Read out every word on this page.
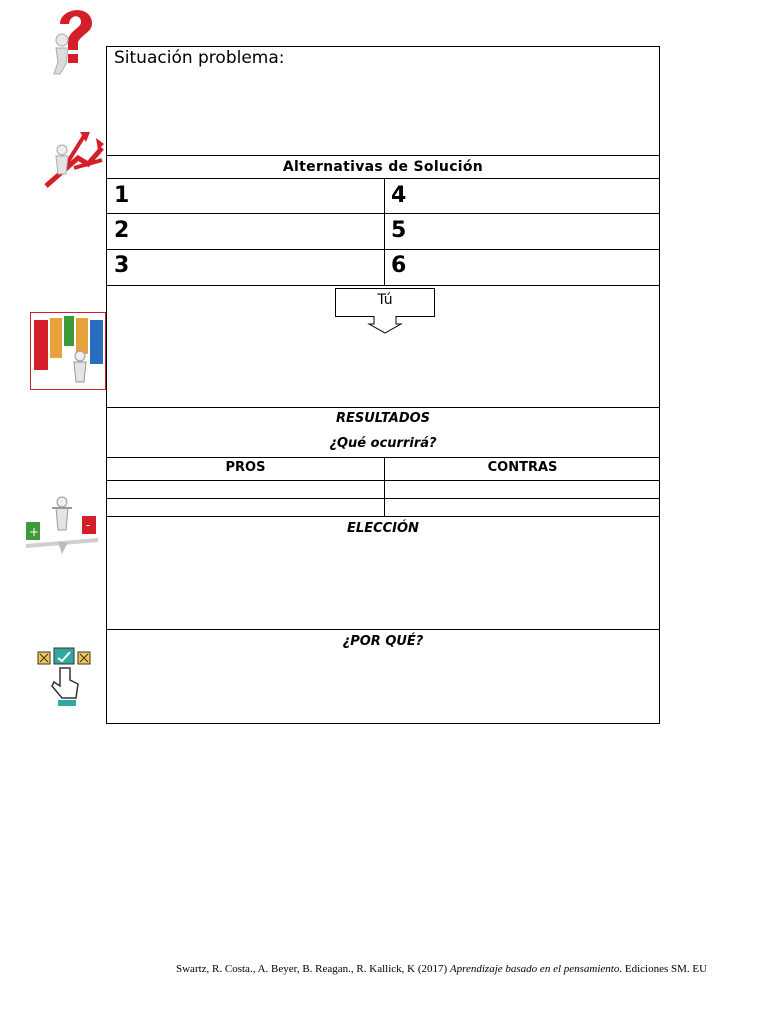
+	-
Situación problema:
Alternativas de Solución
1	4
2	5
3	6
Tú
RESULTADOS
¿Qué ocurrirá?
PROS	CONTRAS
ELECCIÓN
¿POR QUÉ?
Swartz, R. Costa., A. Beyer, B. Reagan., R. Kallick, K (2017) Aprendizaje basado en el pensamiento. Ediciones SM. EU
